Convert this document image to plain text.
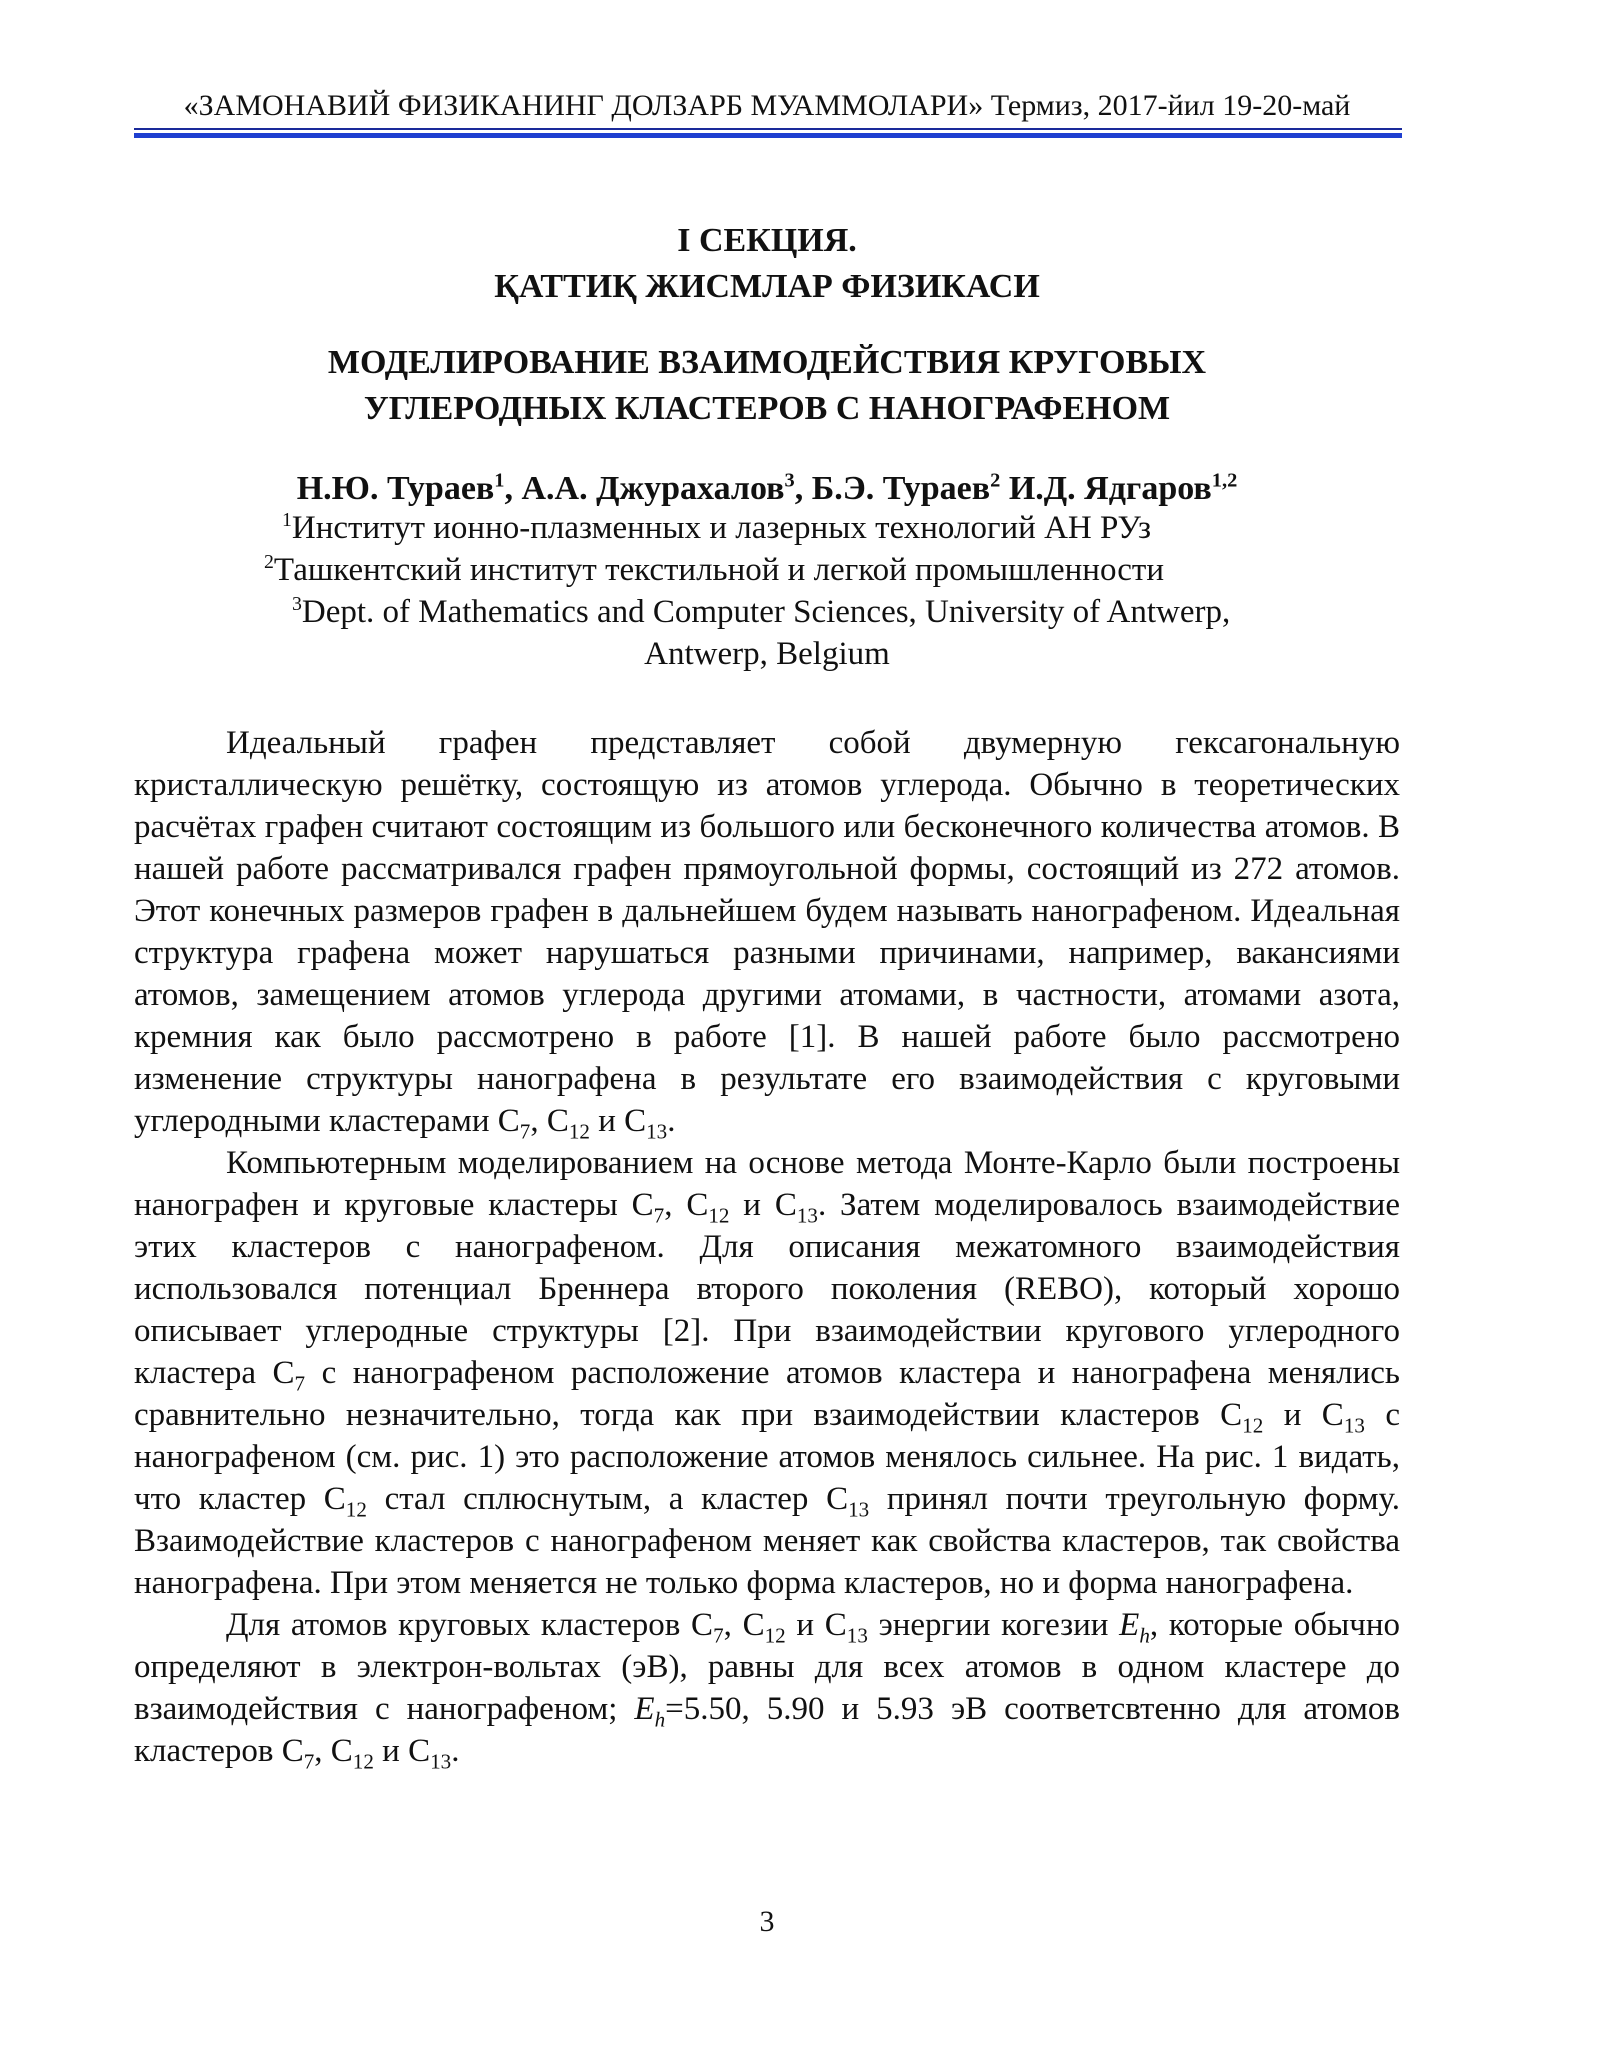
«ЗАМОНАВИЙ ФИЗИКАНИНГ ДОЛЗАРБ МУАММОЛАРИ» Термиз, 2017-йил 19-20-май
I СЕКЦИЯ.
ҚАТТИҚ ЖИСМЛАР ФИЗИКАСИ
МОДЕЛИРОВАНИЕ ВЗАИМОДЕЙСТВИЯ КРУГОВЫХ
УГЛЕРОДНЫХ КЛАСТЕРОВ С НАНОГРАФЕНОМ
Н.Ю. Тураев$^1$, А.А. Джурахалов$^3$, Б.Э. Тураев$^2$ И.Д. Ядгаров$^{1,2}$
$^1$Институт ионно-плазменных и лазерных технологий АН РУз
$^2$Ташкентский институт текстильной и легкой промышленности
$^3$Dept. of Mathematics and Computer Sciences, University of Antwerp,
Antwerp, Belgium

Идеальный графен представляет собой двумерную гексагональную кристаллическую решётку, состоящую из атомов углерода. Обычно в теоретических расчётах графен считают состоящим из большого или бесконечного количества атомов. В нашей работе рассматривался графен прямоугольной формы, состоящий из 272 атомов. Этот конечных размеров графен в дальнейшем будем называть нанографеном. Идеальная структура графена может нарушаться разными причинами, например, вакансиями атомов, замещением атомов углерода другими атомами, в частности, атомами азота, кремния как было рассмотрено в работе [1]. В нашей работе было рассмотрено изменение структуры нанографена в результате его взаимодействия с круговыми углеродными кластерами $С_7$, $С_{12}$ и $С_{13}$.

Компьютерным моделированием на основе метода Монте-Карло были построены нанографен и круговые кластеры $С_7$, $С_{12}$ и $С_{13}$. Затем моделировалось взаимодействие этих кластеров с нанографеном. Для описания межатомного взаимодействия использовался потенциал Бреннера второго поколения (REBO), который хорошо описывает углеродные структуры [2]. При взаимодействии кругового углеродного кластера $С_7$ с нанографеном расположение атомов кластера и нанографена менялись сравнительно незначительно, тогда как при взаимодействии кластеров $С_{12}$ и $С_{13}$ с нанографеном (см. рис. 1) это расположение атомов менялось сильнее. На рис. 1 видать, что кластер $С_{12}$ стал сплюснутым, а кластер $С_{13}$ принял почти треугольную форму. Взаимодействие кластеров с нанографеном меняет как свойства кластеров, так свойства нанографена. При этом меняется не только форма кластеров, но и форма нанографена.

Для атомов круговых кластеров $С_7$, $С_{12}$ и $С_{13}$ энергии когезии $E_h$, которые обычно определяют в электрон-вольтах (эВ), равны для всех атомов в одном кластере до взаимодействия с нанографеном; $E_h=5.50$, 5.90 и 5.93 эВ соответсвтенно для атомов кластеров $С_7$, $С_{12}$ и $С_{13}$.

3
